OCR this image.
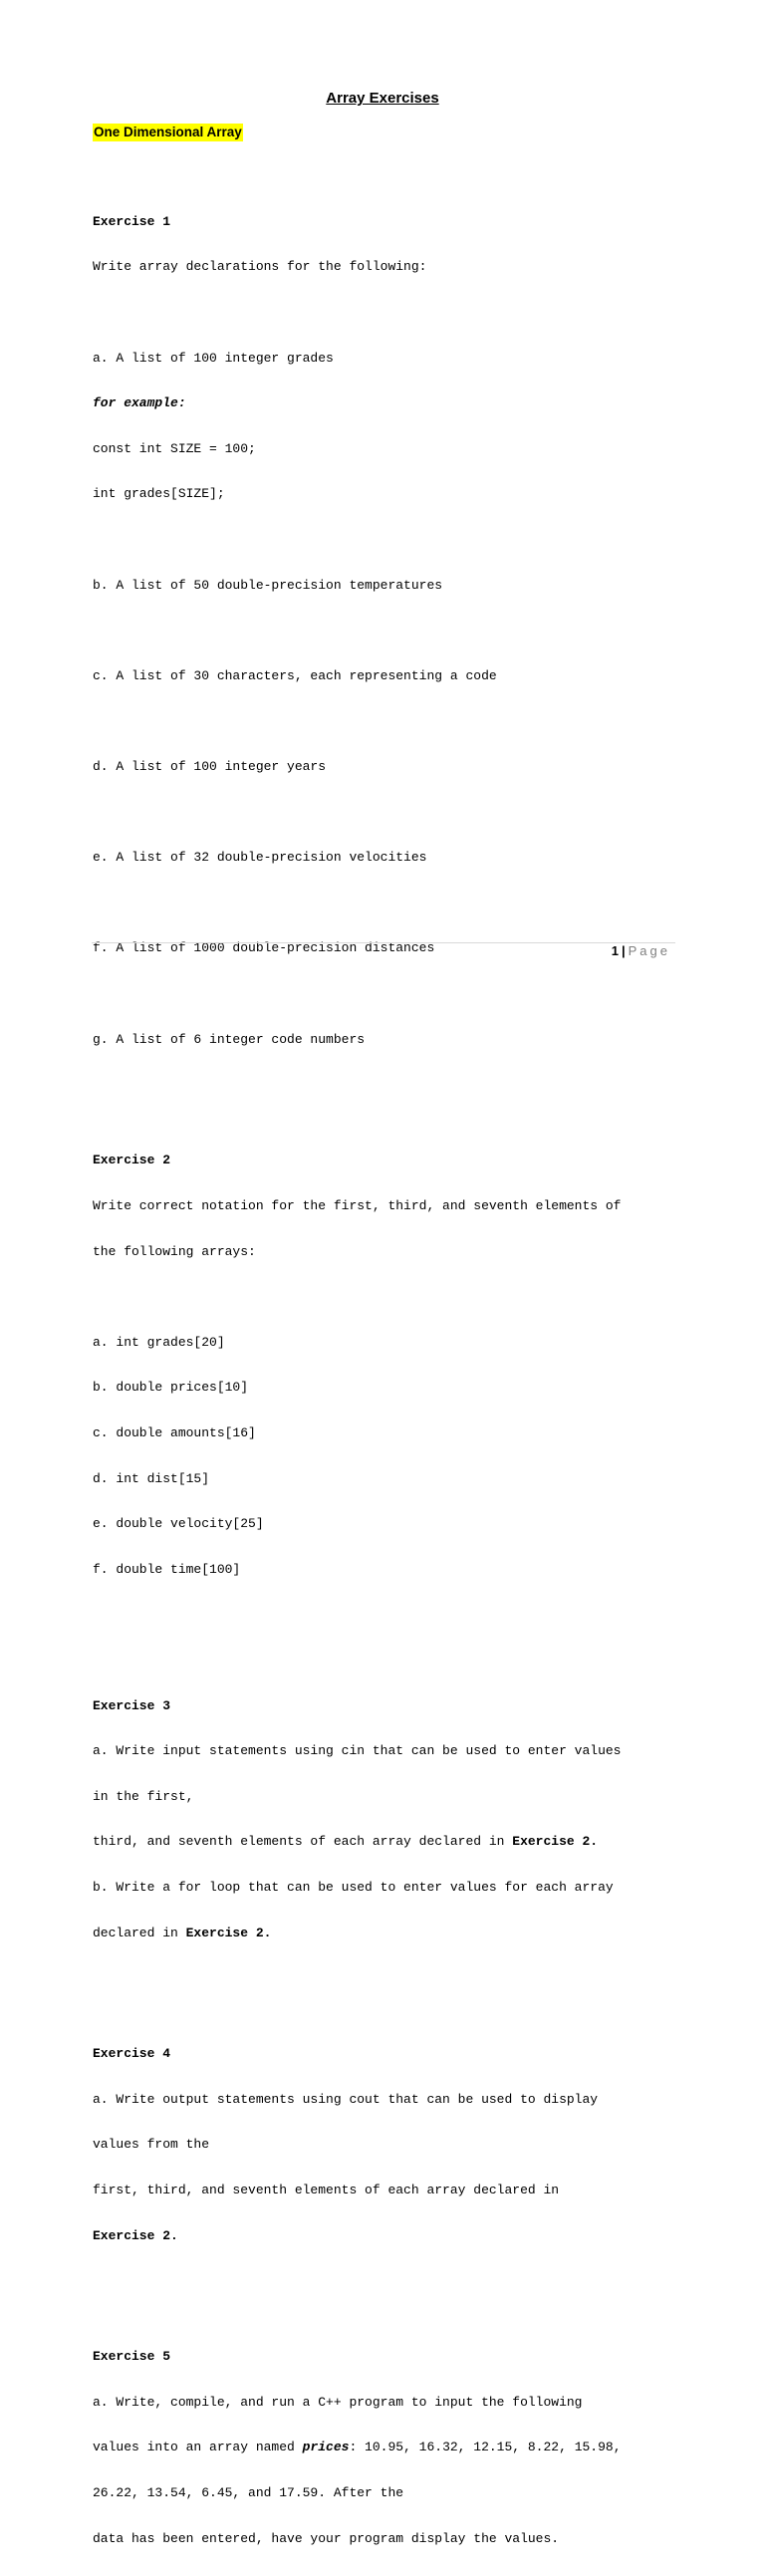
Array Exercises
One Dimensional Array

Exercise 1

Write array declarations for the following:

a. A list of 100 integer grades

for example:

const int SIZE = 100;

int grades[SIZE];

b. A list of 50 double-precision temperatures

c. A list of 30 characters, each representing a code

d. A list of 100 integer years

e. A list of 32 double-precision velocities

f. A list of 1000 double-precision distances

g. A list of 6 integer code numbers

Exercise 2

Write correct notation for the first, third, and seventh elements of

the following arrays:

a. int grades[20]

b. double prices[10]

c. double amounts[16]

d. int dist[15]

e. double velocity[25]

f. double time[100]

Exercise 3

a. Write input statements using cin that can be used to enter values

in the first,

third, and seventh elements of each array declared in Exercise 2.

b. Write a for loop that can be used to enter values for each array

declared in Exercise 2.

Exercise 4

a. Write output statements using cout that can be used to display

values from the

first, third, and seventh elements of each array declared in

Exercise 2.

Exercise 5

a. Write, compile, and run a C++ program to input the following

values into an array named prices: 10.95, 16.32, 12.15, 8.22, 15.98,

26.22, 13.54, 6.45, and 17.59. After the

data has been entered, have your program display the values.

1 | Page
